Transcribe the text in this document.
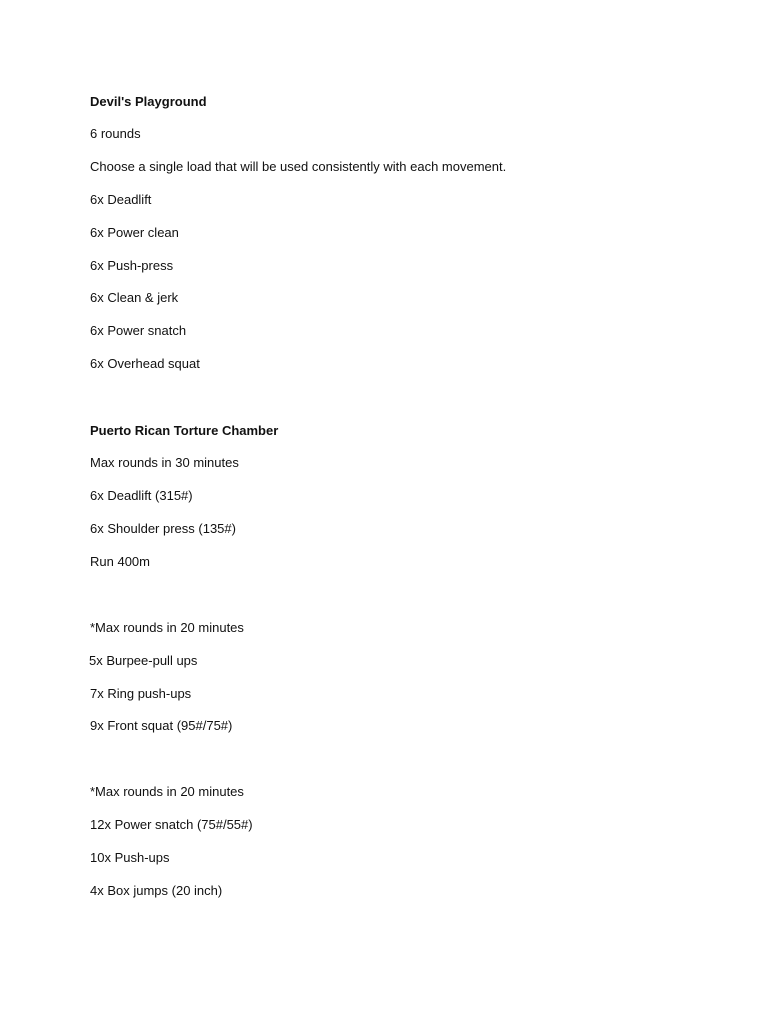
Devil's Playground
6 rounds
Choose a single load that will be used consistently with each movement.
6x Deadlift
6x Power clean
6x Push-press
6x Clean & jerk
6x Power snatch
6x Overhead squat
Puerto Rican Torture Chamber
Max rounds in 30 minutes
6x Deadlift (315#)
6x Shoulder press (135#)
Run 400m
*Max rounds in 20 minutes
5x Burpee-pull ups
7x Ring push-ups
9x Front squat (95#/75#)
*Max rounds in 20 minutes
12x Power snatch (75#/55#)
10x Push-ups
4x Box jumps (20 inch)
